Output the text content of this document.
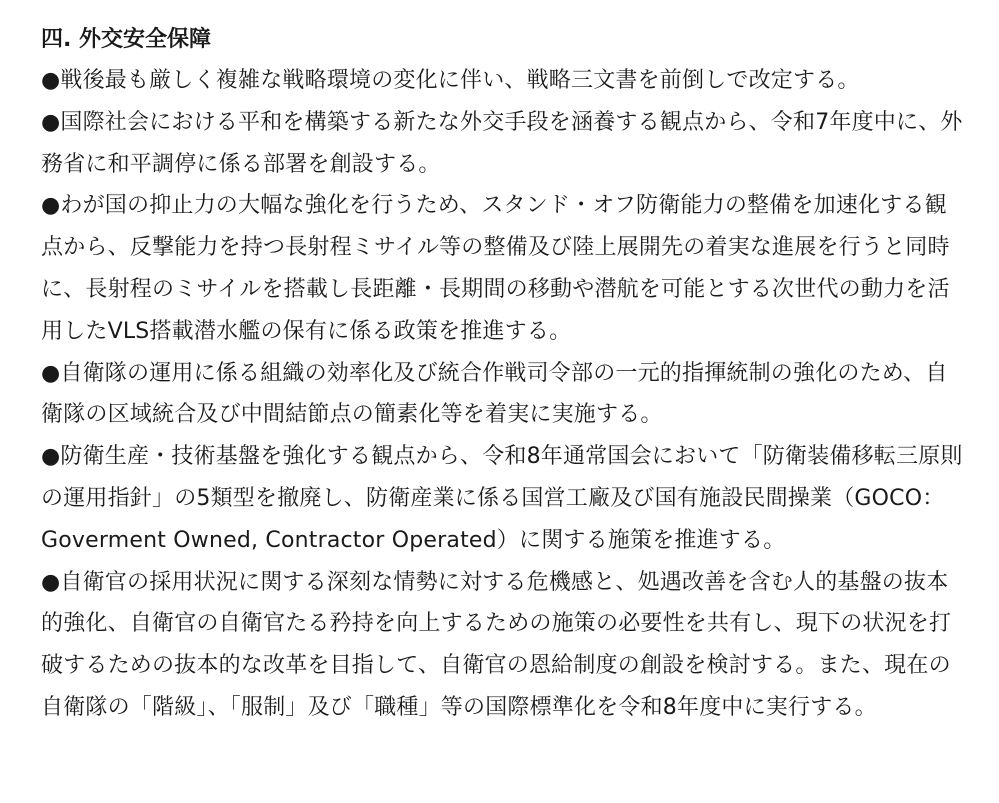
四. 外交安全保障

●戦後最も厳しく複雑な戦略環境の変化に伴い、戦略三文書を前倒しで改定する。

●国際社会における平和を構築する新たな外交手段を涵養する観点から、令和7年度中に、外務省に和平調停に係る部署を創設する。

●わが国の抑止力の大幅な強化を行うため、スタンド・オフ防衛能力の整備を加速化する観点から、反撃能力を持つ長射程ミサイル等の整備及び陸上展開先の着実な進展を行うと同時に、長射程のミサイルを搭載し長距離・長期間の移動や潜航を可能とする次世代の動力を活用したVLS搭載潜水艦の保有に係る政策を推進する。

●自衛隊の運用に係る組織の効率化及び統合作戦司令部の一元的指揮統制の強化のため、自衛隊の区域統合及び中間結節点の簡素化等を着実に実施する。

●防衛生産・技術基盤を強化する観点から、令和8年通常国会において「防衛装備移転三原則の運用指針」の5類型を撤廃し、防衛産業に係る国営工廠及び国有施設民間操業（GOCO：Goverment Owned, Contractor Operated）に関する施策を推進する。

●自衛官の採用状況に関する深刻な情勢に対する危機感と、処遇改善を含む人的基盤の抜本的強化、自衛官の自衛官たる矜持を向上するための施策の必要性を共有し、現下の状況を打破するための抜本的な改革を目指して、自衛官の恩給制度の創設を検討する。また、現在の自衛隊の「階級」、「服制」及び「職種」等の国際標準化を令和8年度中に実行する。
